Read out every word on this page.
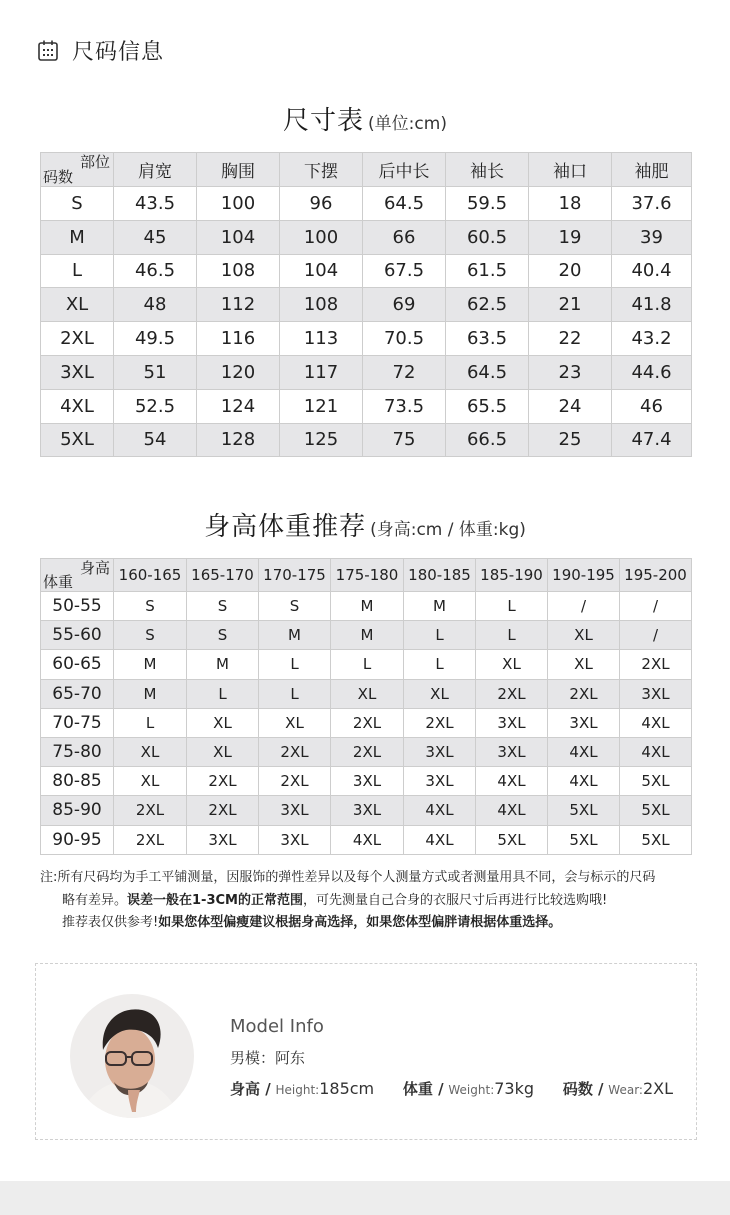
尺码信息
尺寸表 (单位:cm)
部位
码数	肩宽	胸围	下摆	后中长	袖长	袖口	袖肥
S	43.5	100	96	64.5	59.5	18	37.6
M	45	104	100	66	60.5	19	39
L	46.5	108	104	67.5	61.5	20	40.4
XL	48	112	108	69	62.5	21	41.8
2XL	49.5	116	113	70.5	63.5	22	43.2
3XL	51	120	117	72	64.5	23	44.6
4XL	52.5	124	121	73.5	65.5	24	46
5XL	54	128	125	75	66.5	25	47.4
身高体重推荐 (身高:cm / 体重:kg)
身高
体重	160-165	165-170	170-175	175-180	180-185	185-190	190-195	195-200
50-55	S	S	S	M	M	L	/	/
55-60	S	S	M	M	L	L	XL	/
60-65	M	M	L	L	L	XL	XL	2XL
65-70	M	L	L	XL	XL	2XL	2XL	3XL
70-75	L	XL	XL	2XL	2XL	3XL	3XL	4XL
75-80	XL	XL	2XL	2XL	3XL	3XL	4XL	4XL
80-85	XL	2XL	2XL	3XL	3XL	4XL	4XL	5XL
85-90	2XL	2XL	3XL	3XL	4XL	4XL	5XL	5XL
90-95	2XL	3XL	3XL	4XL	4XL	5XL	5XL	5XL
注:所有尺码均为手工平铺测量，因服饰的弹性差异以及每个人测量方式或者测量用具不同，会与标示的尺码
略有差异。误差一般在1-3CM的正常范围，可先测量自己合身的衣服尺寸后再进行比较选购哦!
推荐表仅供参考!如果您体型偏瘦建议根据身高选择，如果您体型偏胖请根据体重选择。
Model Info
男模：阿东
身高 / Height:185cm 体重 / Weight:73kg 码数 / Wear:2XL
